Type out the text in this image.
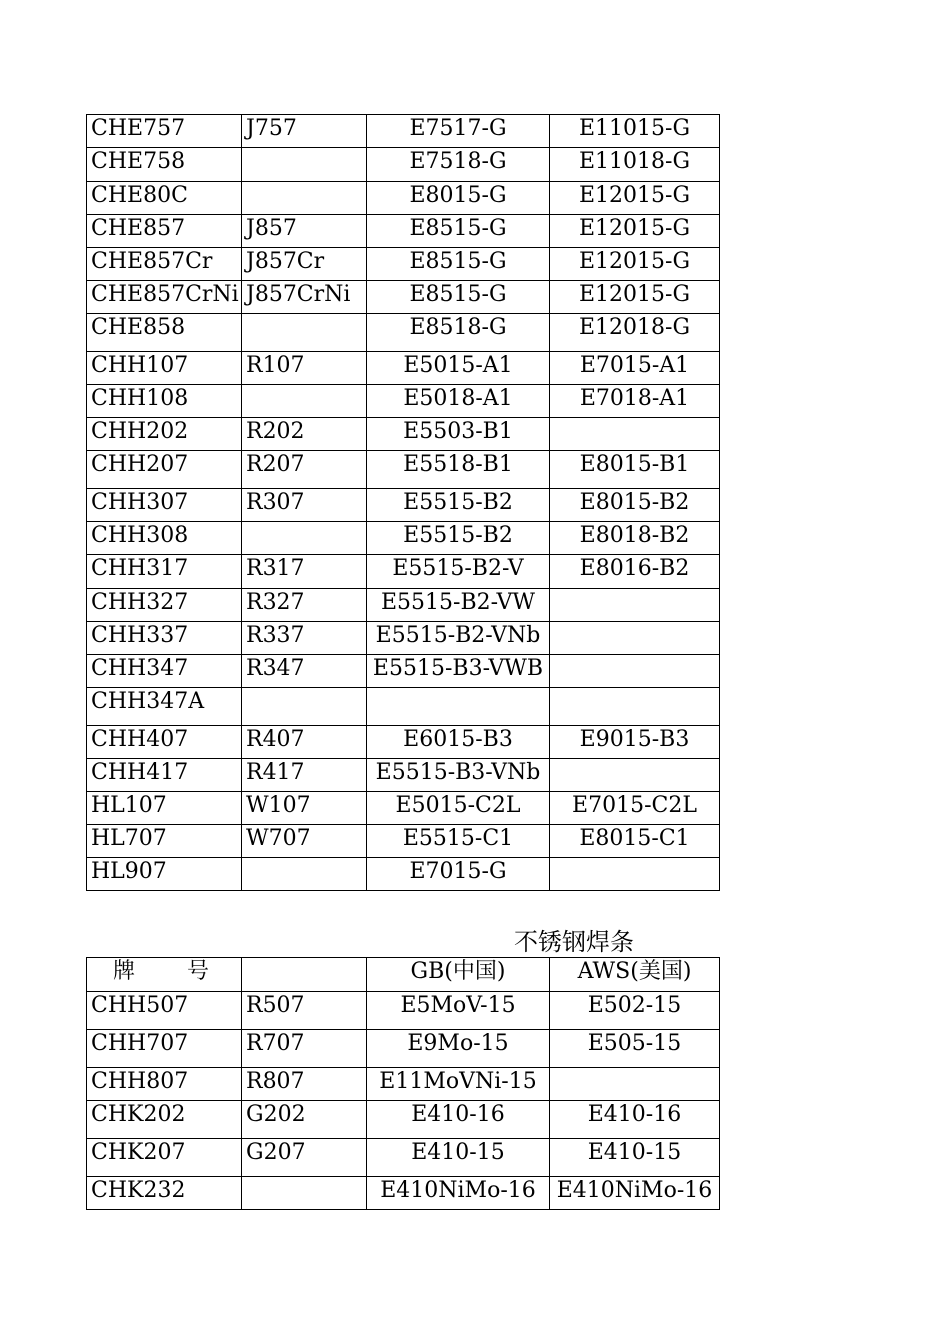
CHE757	J757	E7517-G	E11015-G
CHE758		E7518-G	E11018-G
CHE80C		E8015-G	E12015-G
CHE857	J857	E8515-G	E12015-G
CHE857Cr	J857Cr	E8515-G	E12015-G
CHE857CrNi	J857CrNi	E8515-G	E12015-G
CHE858		E8518-G	E12018-G
CHH107	R107	E5015-A1	E7015-A1
CHH108		E5018-A1	E7018-A1
CHH202	R202	E5503-B1	
CHH207	R207	E5518-B1	E8015-B1
CHH307	R307	E5515-B2	E8015-B2
CHH308		E5515-B2	E8018-B2
CHH317	R317	E5515-B2-V	E8016-B2
CHH327	R327	E5515-B2-VW	
CHH337	R337	E5515-B2-VNb	
CHH347	R347	E5515-B3-VWB	
CHH347A			
CHH407	R407	E6015-B3	E9015-B3
CHH417	R417	E5515-B3-VNb	
HL107	W107	E5015-C2L	E7015-C2L
HL707	W707	E5515-C1	E8015-C1
HL907		E7015-G	
不锈钢焊条
牌 号		GB(中国)	AWS(美国)
CHH507	R507	E5MoV-15	E502-15
CHH707	R707	E9Mo-15	E505-15
CHH807	R807	E11MoVNi-15	
CHK202	G202	E410-16	E410-16
CHK207	G207	E410-15	E410-15
CHK232		E410NiMo-16	E410NiMo-16
